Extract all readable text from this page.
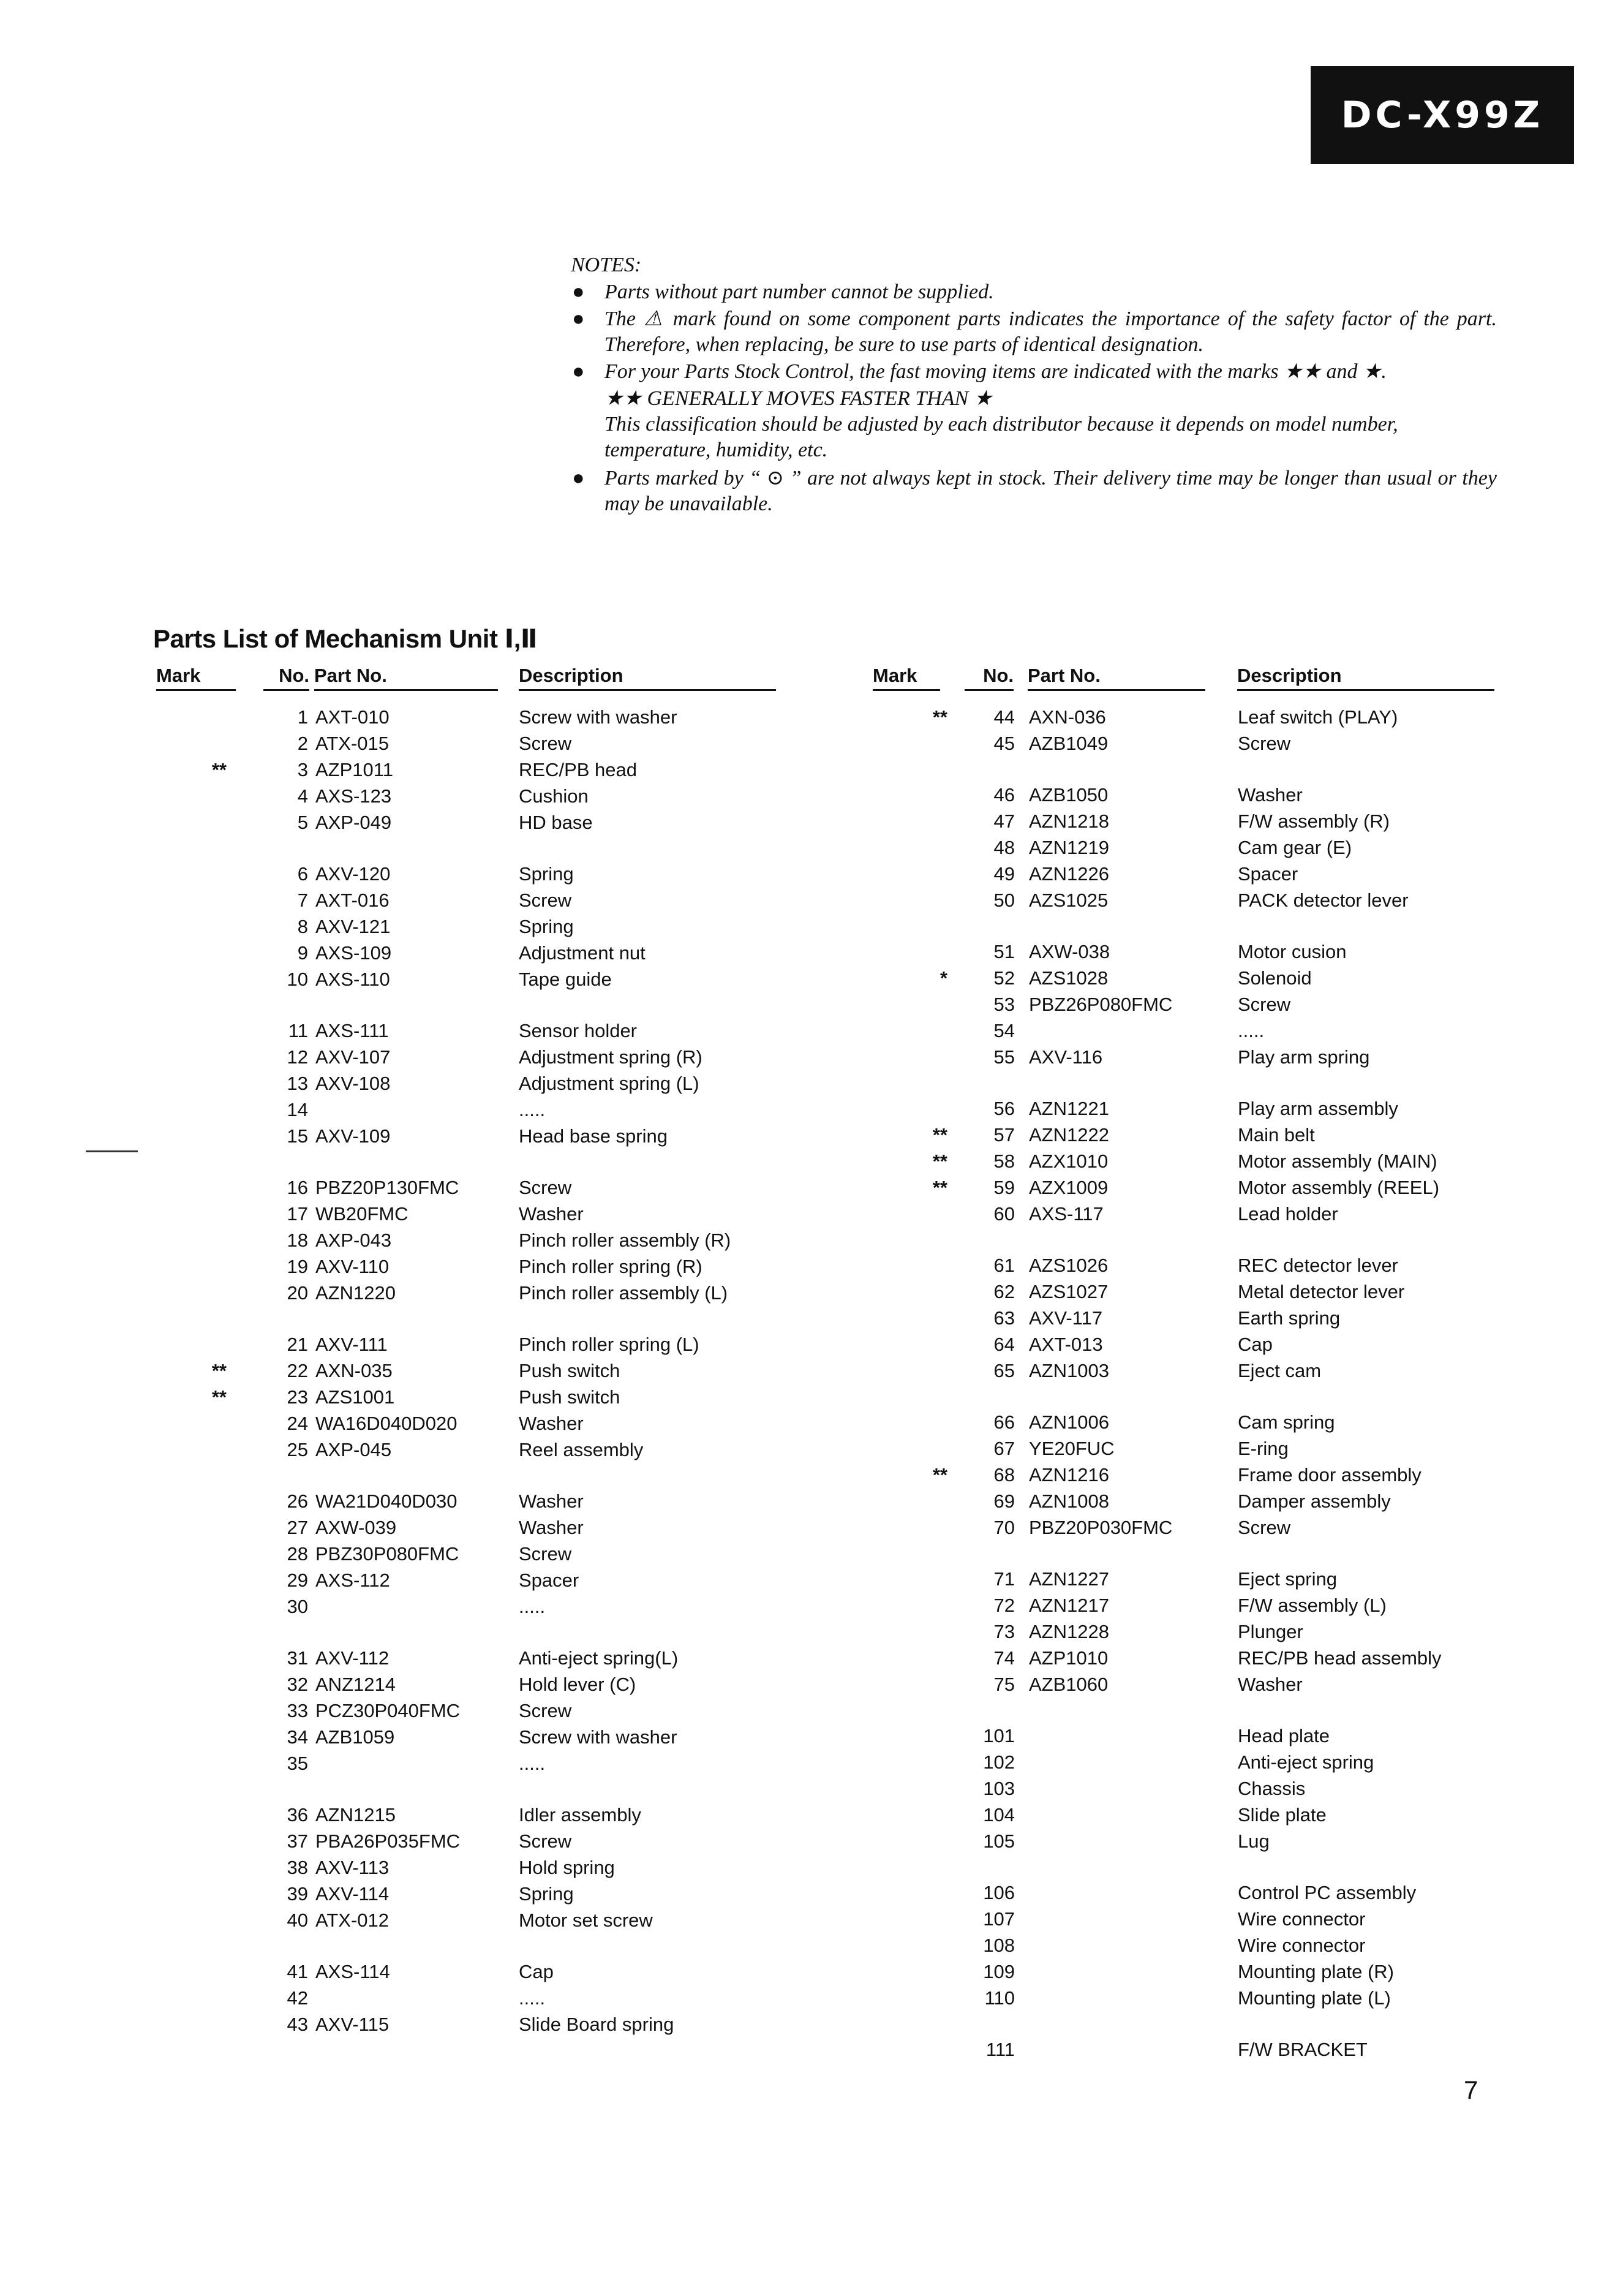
DC-X99Z
NOTES:
● Parts without part number cannot be supplied.
● The ⚠ mark found on some component parts indicates the importance of the safety factor of the part. Therefore, when replacing, be sure to use parts of identical designation.
● For your Parts Stock Control, the fast moving items are indicated with the marks ★★ and ★.
★★ GENERALLY MOVES FASTER THAN ★
This classification should be adjusted by each distributor because it depends on model number, temperature, humidity, etc.
● Parts marked by “ ⊙ ” are not always kept in stock. Their delivery time may be longer than usual or they may be unavailable.
Parts List of Mechanism Unit Ⅰ,Ⅱ
Mark	No. Part No.	Description
1 AXT-010	Screw with washer
2 ATX-015	Screw
**	3 AZP1011	REC/PB head
4 AXS-123	Cushion
5 AXP-049	HD base
6 AXV-120	Spring
7 AXT-016	Screw
8 AXV-121	Spring
9 AXS-109	Adjustment nut
10 AXS-110	Tape guide
11 AXS-111	Sensor holder
12 AXV-107	Adjustment spring (R)
13 AXV-108	Adjustment spring (L)
14	.....
15 AXV-109	Head base spring
16 PBZ20P130FMC	Screw
17 WB20FMC	Washer
18 AXP-043	Pinch roller assembly (R)
19 AXV-110	Pinch roller spring (R)
20 AZN1220	Pinch roller assembly (L)
21 AXV-111	Pinch roller spring (L)
**	22 AXN-035	Push switch
**	23 AZS1001	Push switch
24 WA16D040D020	Washer
25 AXP-045	Reel assembly
26 WA21D040D030	Washer
27 AXW-039	Washer
28 PBZ30P080FMC	Screw
29 AXS-112	Spacer
30	.....
31 AXV-112	Anti-eject spring(L)
32 ANZ1214	Hold lever (C)
33 PCZ30P040FMC	Screw
34 AZB1059	Screw with washer
35	.....
36 AZN1215	Idler assembly
37 PBA26P035FMC	Screw
38 AXV-113	Hold spring
39 AXV-114	Spring
40 ATX-012	Motor set screw
41 AXS-114	Cap
42	.....
43 AXV-115	Slide Board spring
Mark	No. Part No.	Description
**	44 AXN-036	Leaf switch (PLAY)
45 AZB1049	Screw
46 AZB1050	Washer
47 AZN1218	F/W assembly (R)
48 AZN1219	Cam gear (E)
49 AZN1226	Spacer
50 AZS1025	PACK detector lever
51 AXW-038	Motor cusion
*	52 AZS1028	Solenoid
53 PBZ26P080FMC	Screw
54	.....
55 AXV-116	Play arm spring
56 AZN1221	Play arm assembly
**	57 AZN1222	Main belt
**	58 AZX1010	Motor assembly (MAIN)
**	59 AZX1009	Motor assembly (REEL)
60 AXS-117	Lead holder
61 AZS1026	REC detector lever
62 AZS1027	Metal detector lever
63 AXV-117	Earth spring
64 AXT-013	Cap
65 AZN1003	Eject cam
66 AZN1006	Cam spring
67 YE20FUC	E-ring
**	68 AZN1216	Frame door assembly
69 AZN1008	Damper assembly
70 PBZ20P030FMC	Screw
71 AZN1227	Eject spring
72 AZN1217	F/W assembly (L)
73 AZN1228	Plunger
74 AZP1010	REC/PB head assembly
75 AZB1060	Washer
101	Head plate
102	Anti-eject spring
103	Chassis
104	Slide plate
105	Lug
106	Control PC assembly
107	Wire connector
108	Wire connector
109	Mounting plate (R)
110	Mounting plate (L)
111	F/W BRACKET
7
